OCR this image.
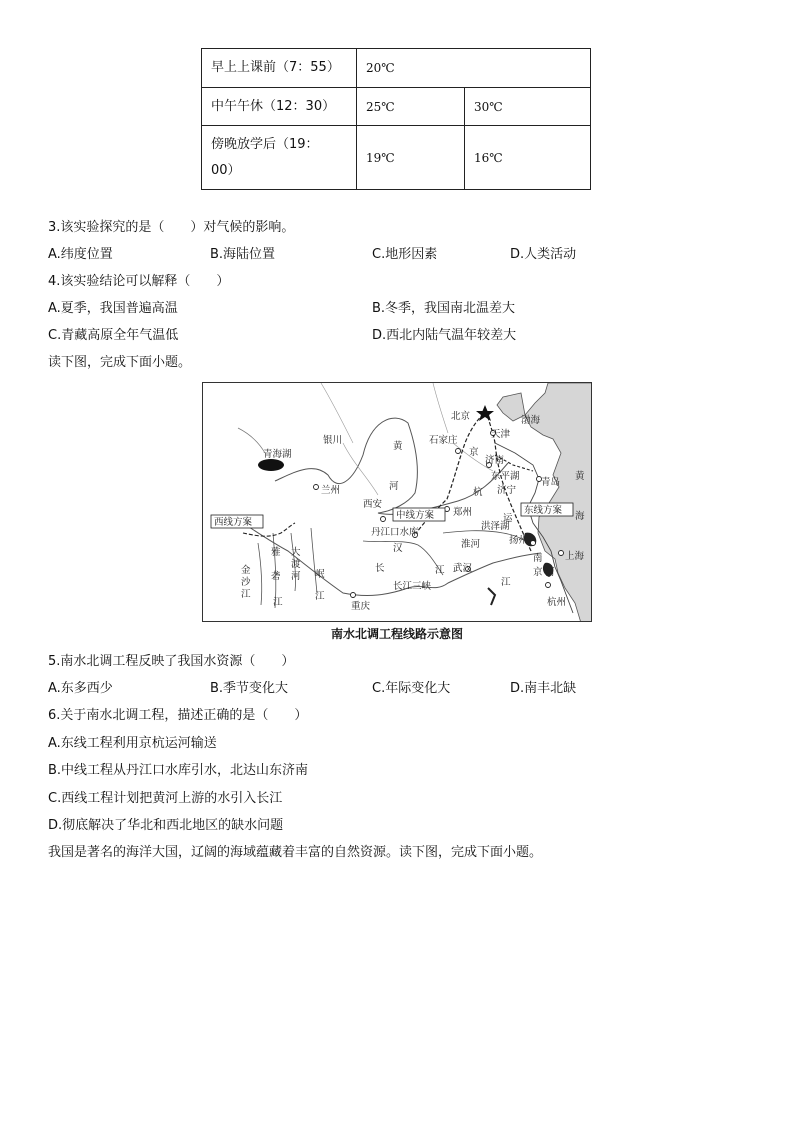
早上上课前（7：55）	20℃	
中午午休（12：30）	25℃	30℃
傍晚放学后（19：
00）	19℃	16℃
3.该实验探究的是（　　）对气候的影响。
A.纬度位置	B.海陆位置	C.地形因素	D.人类活动
4.该实验结论可以解释（　　）
A.夏季，我国普遍高温	B.冬季，我国南北温差大
C.青藏高原全年气温低	D.西北内陆气温年较差大
读下图，完成下面小题。
北京	渤海
天津
石家庄
京
济南
银川
黄
河
青海湖
兰州
西安
东平湖
济宁
杭
青岛
黄
海
中线方案 郑州
洪泽湖
东线方案
运
西线方案
丹江口水库
汉	淮河	扬州
上海
雅
砻
江
金
沙
江
大
渡
河 岷
江
长	江 武汉
长江三峡
重庆
南
京 河
江
杭州
南水北调工程线路示意图
5.南水北调工程反映了我国水资源（　　）
A.东多西少	B.季节变化大	C.年际变化大	D.南丰北缺
6.关于南水北调工程，描述正确的是（　　）
A.东线工程利用京杭运河输送
B.中线工程从丹江口水库引水，北达山东济南
C.西线工程计划把黄河上游的水引入长江
D.彻底解决了华北和西北地区的缺水问题
我国是著名的海洋大国，辽阔的海域蕴藏着丰富的自然资源。读下图，完成下面小题。
